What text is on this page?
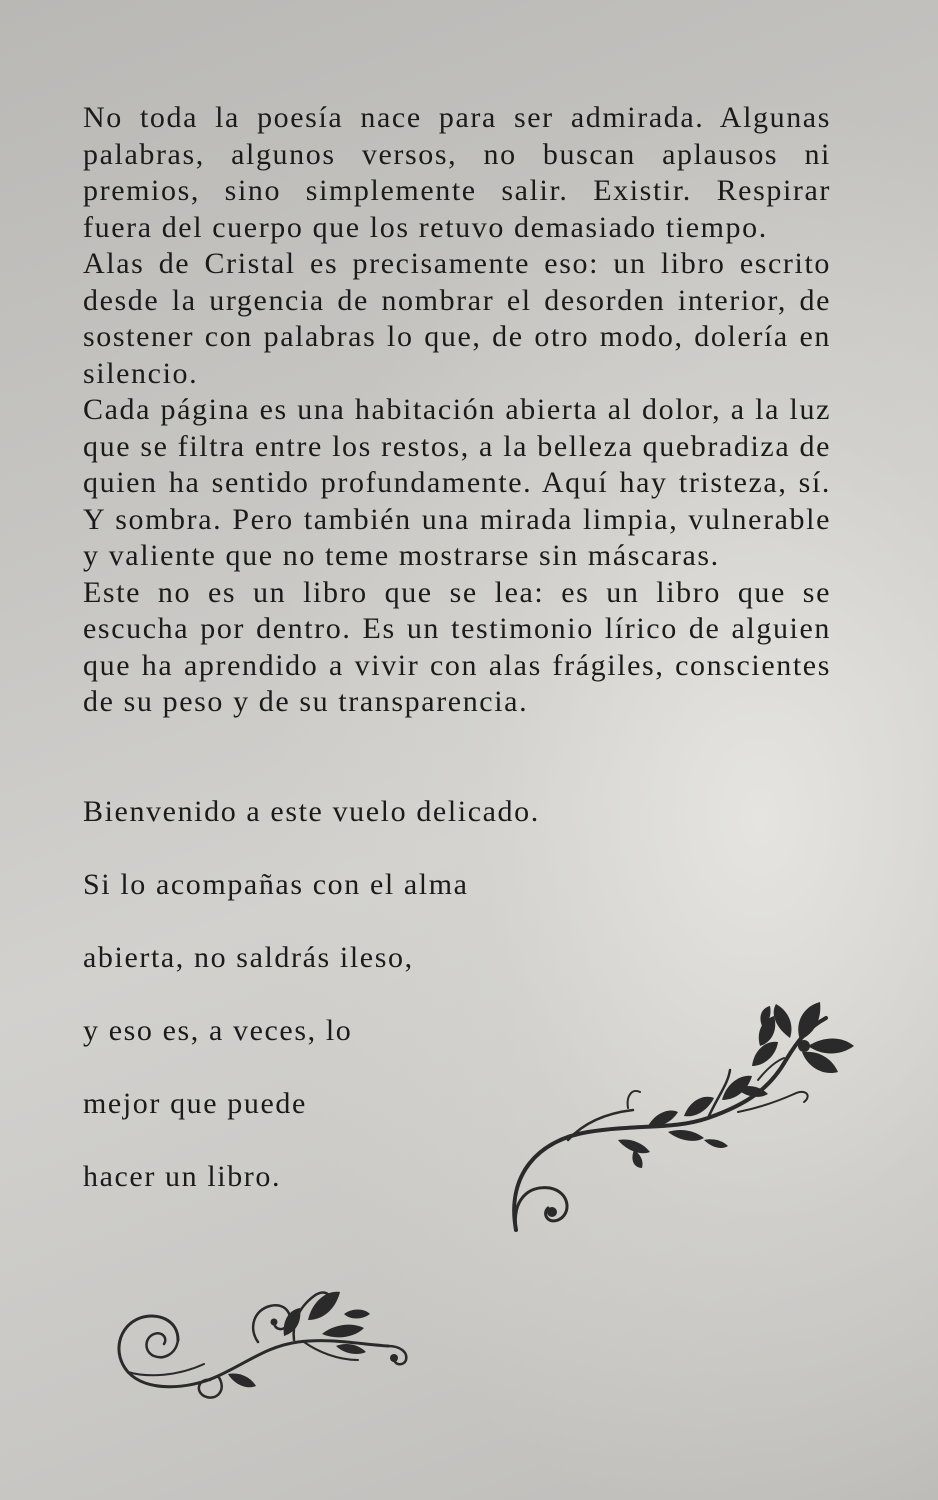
No toda la poesía nace para ser admirada. Algunas palabras, algunos versos, no buscan aplausos ni premios, sino simplemente salir. Existir. Respirar fuera del cuerpo que los retuvo demasiado tiempo.

Alas de Cristal es precisamente eso: un libro escrito desde la urgencia de nombrar el desorden interior, de sostener con palabras lo que, de otro modo, dolería en silencio.

Cada página es una habitación abierta al dolor, a la luz que se filtra entre los restos, a la belleza quebradiza de quien ha sentido profundamente. Aquí hay tristeza, sí. Y sombra. Pero también una mirada limpia, vulnerable y valiente que no teme mostrarse sin máscaras.

Este no es un libro que se lea: es un libro que se escucha por dentro. Es un testimonio lírico de alguien que ha aprendido a vivir con alas frágiles, conscientes de su peso y de su transparencia.

Bienvenido a este vuelo delicado.

Si lo acompañas con el alma

abierta, no saldrás ileso,

y eso es, a veces, lo

mejor que puede

hacer un libro.
